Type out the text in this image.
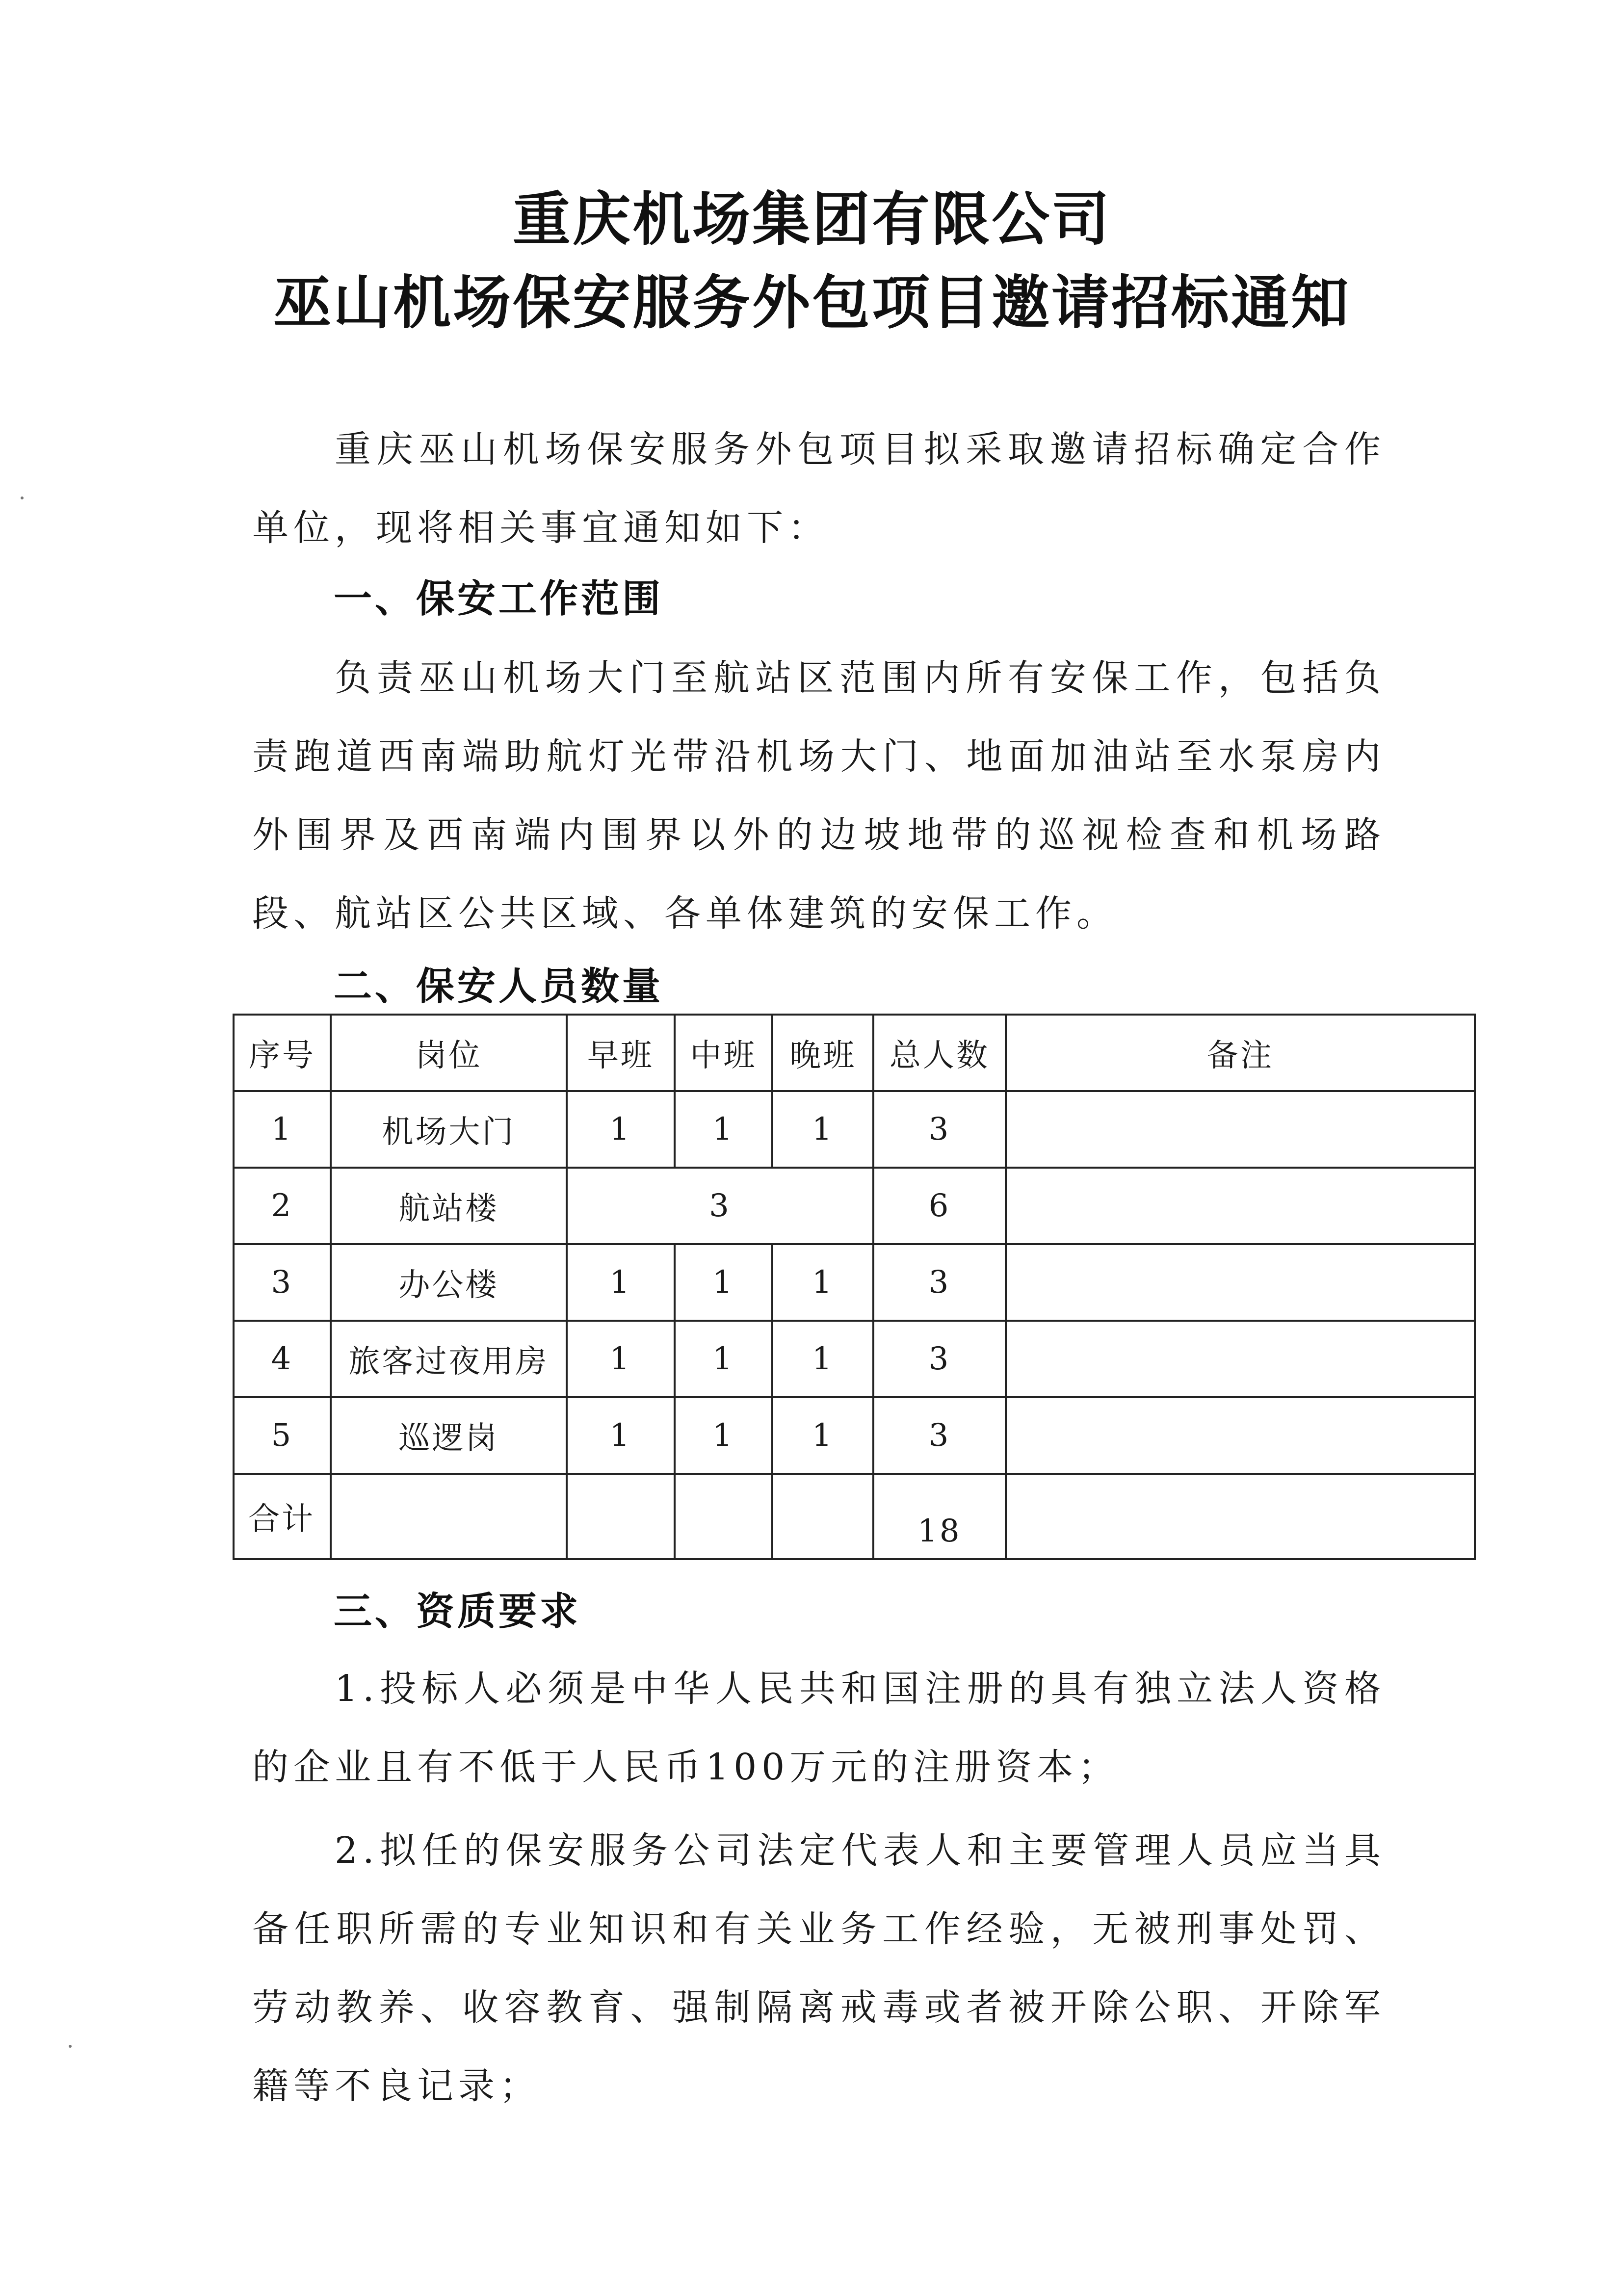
重庆机场集团有限公司
巫山机场保安服务外包项目邀请招标通知

重庆巫山机场保安服务外包项目拟采取邀请招标确定合作单位，现将相关事宜通知如下：

一、保安工作范围

负责巫山机场大门至航站区范围内所有安保工作，包括负责跑道西南端助航灯光带沿机场大门、地面加油站至水泵房内外围界及西南端内围界以外的边坡地带的巡视检查和机场路段、航站区公共区域、各单体建筑的安保工作。

二、保安人员数量
序号	岗位	早班	中班	晚班	总人数	备注
1	机场大门	1	1	1	3	
2	航站楼	3			6	
3	办公楼	1	1	1	3	
4	旅客过夜用房	1	1	1	3	
5	巡逻岗	1	1	1	3	
合计					18	
三、资质要求

1.投标人必须是中华人民共和国注册的具有独立法人资格的企业且有不低于人民币100万元的注册资本；

2.拟任的保安服务公司法定代表人和主要管理人员应当具备任职所需的专业知识和有关业务工作经验，无被刑事处罚、劳动教养、收容教育、强制隔离戒毒或者被开除公职、开除军籍等不良记录；
